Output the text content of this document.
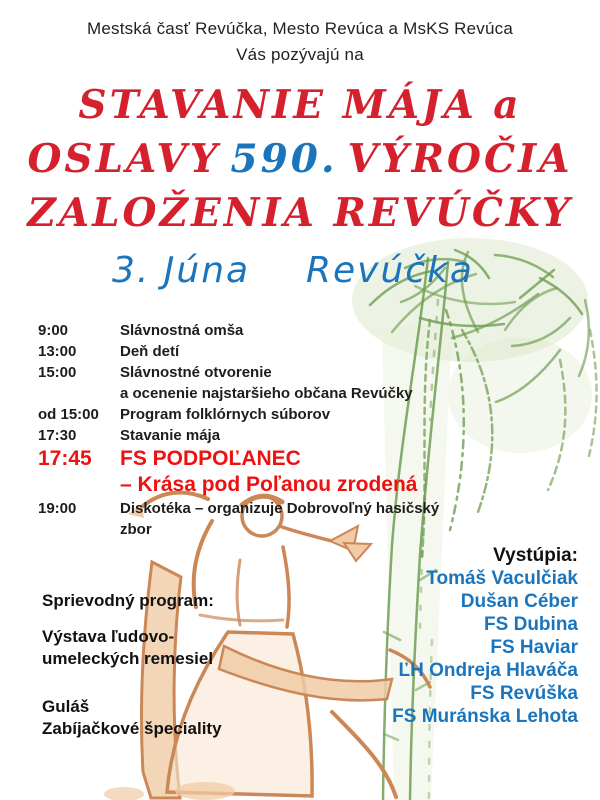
Mestská časť Revúčka, Mesto Revúca a MsKS Revúca
Vás pozývajú na
STAVANIE MÁJA a
OSLAVY 590. VÝROČIA
ZALOŽENIA REVÚČKY
3. Júna Revúčka
9:00	Slávnostná omša
13:00	Deň detí
15:00	Slávnostné otvorenie
a ocenenie najstaršieho občana Revúčky
od 15:00	Program folklórnych súborov
17:30	Stavanie mája
17:45	FS PODPOĽANEC
– Krása pod Poľanou zrodená
19:00	Diskotéka – organizuje Dobrovoľný hasičský
zbor
Vystúpia:
Tomáš Vaculčiak
Dušan Céber
FS Dubina
FS Haviar
ĽH Ondreja Hlaváča
FS Revúška
FS Muránska Lehota
Sprievodný program:
Výstava ľudovo-
umeleckých remesiel
Guláš
Zabíjačkové špeciality
